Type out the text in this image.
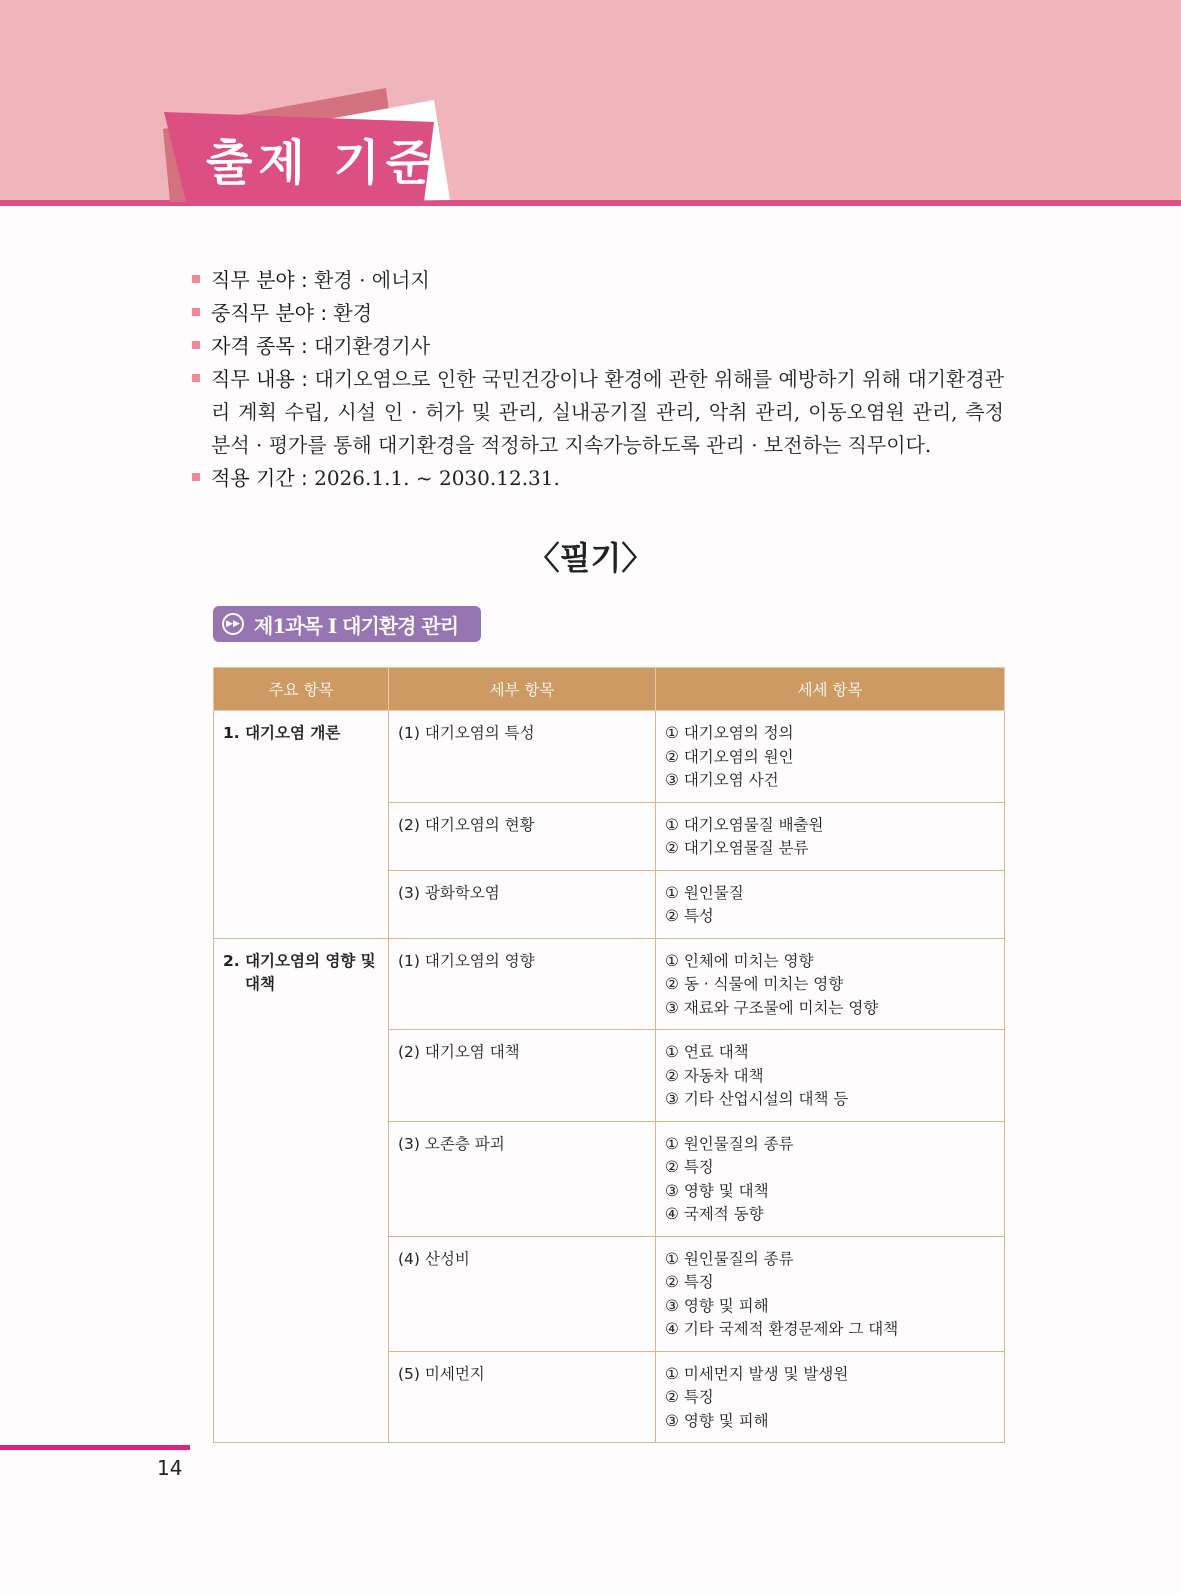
출제 기준
직무 분야 : 환경 · 에너지
중직무 분야 : 환경
자격 종목 : 대기환경기사
직무 내용 : 대기오염으로 인한 국민건강이나 환경에 관한 위해를 예방하기 위해 대기환경관리 계획 수립, 시설 인 · 허가 및 관리, 실내공기질 관리, 악취 관리, 이동오염원 관리, 측정 분석 · 평가를 통해 대기환경을 적정하고 지속가능하도록 관리 · 보전하는 직무이다.
적용 기간 : 2026.1.1. ~ 2030.12.31.
〈필기〉
▶▶ 제1과목 I 대기환경 관리
주요 항목	세부 항목	세세 항목

1. 대기오염 개론	(1) 대기오염의 특성	① 대기오염의 정의
② 대기오염의 원인
③ 대기오염 사건

	(2) 대기오염의 현황	① 대기오염물질 배출원
② 대기오염물질 분류

	(3) 광화학오염	① 원인물질
② 특성

2. 대기오염의 영향 및 대책	(1) 대기오염의 영향	① 인체에 미치는 영향
② 동 · 식물에 미치는 영향
③ 재료와 구조물에 미치는 영향

	(2) 대기오염 대책	① 연료 대책
② 자동차 대책
③ 기타 산업시설의 대책 등

	(3) 오존층 파괴	① 원인물질의 종류
② 특징
③ 영향 및 대책
④ 국제적 동향

	(4) 산성비	① 원인물질의 종류
② 특징
③ 영향 및 피해
④ 기타 국제적 환경문제와 그 대책

	(5) 미세먼지	① 미세먼지 발생 및 발생원
② 특징
③ 영향 및 피해
14
